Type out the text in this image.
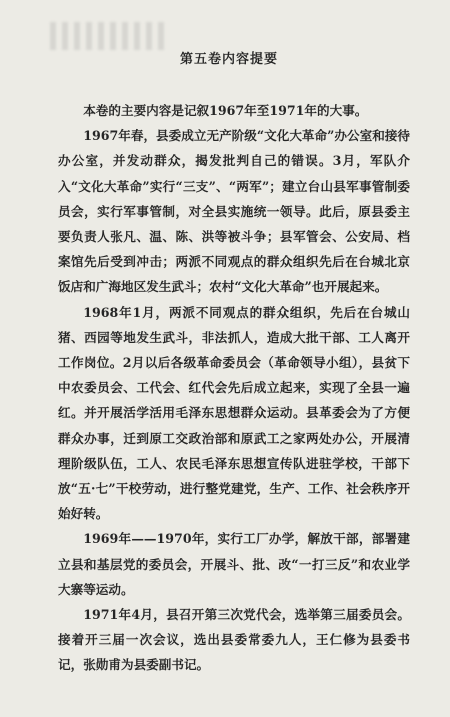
第五卷内容提要

本卷的主要内容是记叙1967年至1971年的大事。

1967年春，县委成立无产阶级“文化大革命”办公室和接待办公室，并发动群众，揭发批判自己的错误。3月，军队介入“文化大革命”实行“三支”、“两军”；建立台山县军事管制委员会，实行军事管制，对全县实施统一领导。此后，原县委主要负责人张凡、温、陈、洪等被斗争；县军管会、公安局、档案馆先后受到冲击；两派不同观点的群众组织先后在台城北京饭店和广海地区发生武斗；农村“文化大革命”也开展起来。

1968年1月，两派不同观点的群众组织，先后在台城山猪、西园等地发生武斗，非法抓人，造成大批干部、工人离开工作岗位。2月以后各级革命委员会（革命领导小组），县贫下中农委员会、工代会、红代会先后成立起来，实现了全县一遍红。并开展活学活用毛泽东思想群众运动。县革委会为了方便群众办事，迁到原工交政治部和原武工之家两处办公，开展清理阶级队伍，工人、农民毛泽东思想宣传队进驻学校，干部下放“五·七”干校劳动，进行整党建党，生产、工作、社会秩序开始好转。

1969年——1970年，实行工厂办学，解放干部，部署建立县和基层党的委员会，开展斗、批、改“一打三反”和农业学大寨等运动。

1971年4月，县召开第三次党代会，选举第三届委员会。接着开三届一次会议，选出县委常委九人，王仁修为县委书记，张勋甫为县委副书记。
